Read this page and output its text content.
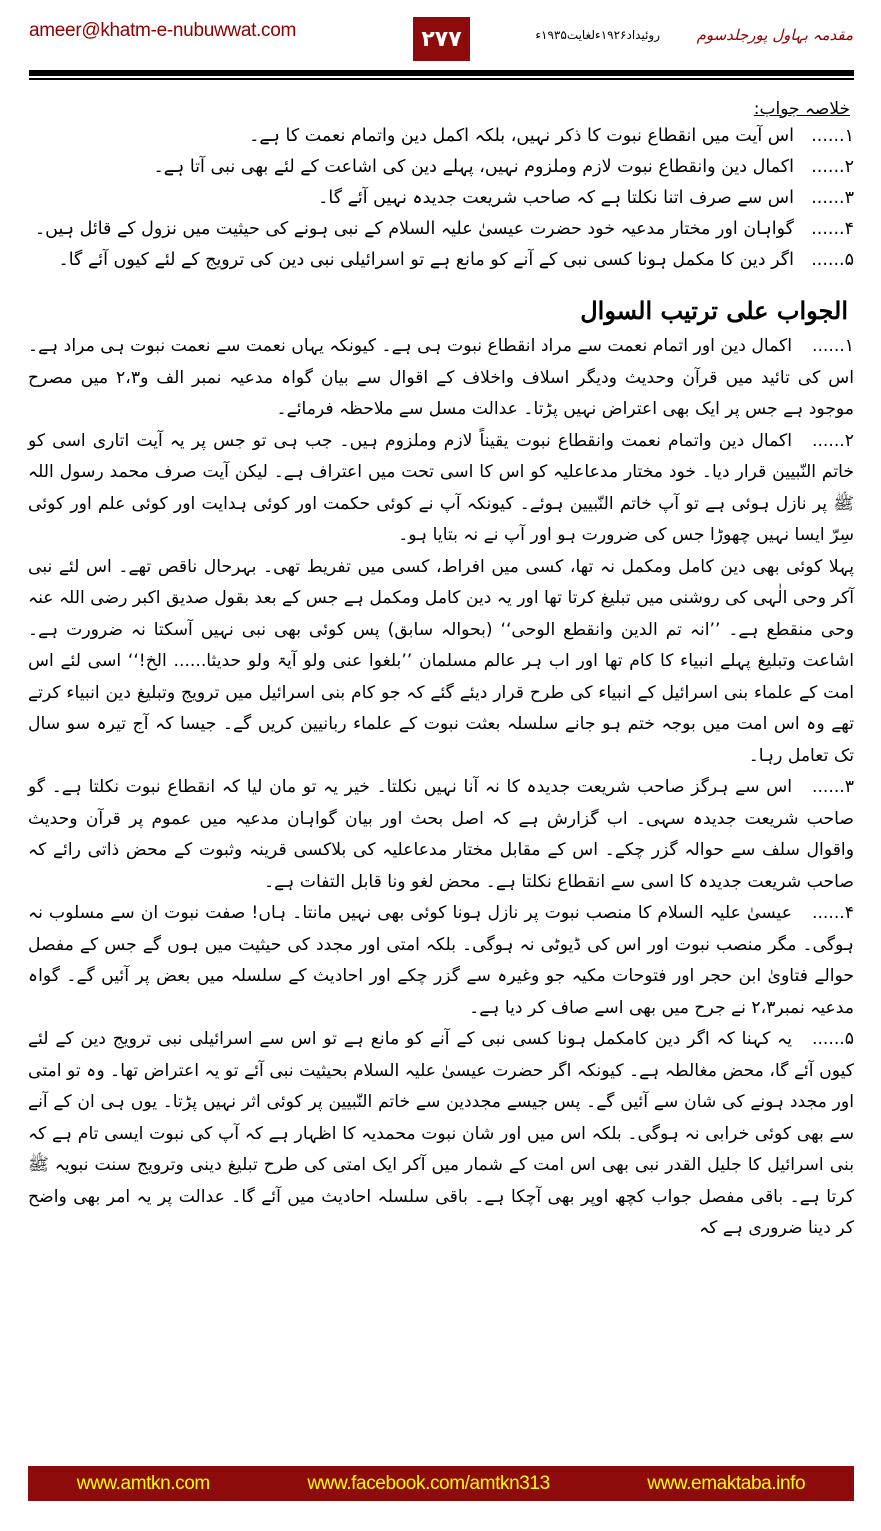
ameer@khatm-e-nubuwwat.com	۲۷۷	روئیداد۱۹۲۶ءلغایت۱۹۳۵ء مقدمہ بہاول پورجلدسوم
خلاصہ جواب:
۱......
اس آیت میں انقطاع نبوت کا ذکر نہیں، بلکہ اکمل دین واتمام نعمت کا ہے۔
۲......
اکمال دین وانقطاع نبوت لازم وملزوم نہیں، پہلے دین کی اشاعت کے لئے بھی نبی آتا ہے۔
۳......
اس سے صرف اتنا نکلتا ہے کہ صاحب شریعت جدیدہ نہیں آئے گا۔
۴......
گواہان اور مختار مدعیہ خود حضرت عیسیٰ علیہ السلام کے نبی ہونے کی حیثیت میں نزول کے قائل ہیں۔
۵......
اگر دین کا مکمل ہونا کسی نبی کے آنے کو مانع ہے تو اسرائیلی نبی دین کی ترویج کے لئے کیوں آئے گا۔
الجواب علی ترتیب السوال

۱......اکمال دین اور اتمام نعمت سے مراد انقطاع نبوت ہی ہے۔ کیونکہ یہاں نعمت سے نعمت نبوت ہی مراد ہے۔ اس کی تائید میں قرآن وحدیث ودیگر اسلاف واخلاف کے اقوال سے بیان گواہ مدعیہ نمبر الف و۲،۳ میں مصرح موجود ہے جس پر ایک بھی اعتراض نہیں پڑتا۔ عدالت مسل سے ملاحظہ فرمائے۔

۲......اکمال دین واتمام نعمت وانقطاع نبوت یقیناً لازم وملزوم ہیں۔ جب ہی تو جس پر یہ آیت اتاری اسی کو خاتم النّبیین قرار دیا۔ خود مختار مدعاعلیہ کو اس کا اسی تحت میں اعتراف ہے۔ لیکن آیت صرف محمد رسول اللہ ﷺ پر نازل ہوئی ہے تو آپ خاتم النّبیین ہوئے۔ کیونکہ آپ نے کوئی حکمت اور کوئی ہدایت اور کوئی علم اور کوئی سِرّ ایسا نہیں چھوڑا جس کی ضرورت ہو اور آپ نے نہ بتایا ہو۔

پہلا کوئی بھی دین کامل ومکمل نہ تھا، کسی میں افراط، کسی میں تفریط تھی۔ بہرحال ناقص تھے۔ اس لئے نبی آکر وحی الٰہی کی روشنی میں تبلیغ کرتا تھا اور یہ دین کامل ومکمل ہے جس کے بعد بقول صدیق اکبر رضی اللہ عنہ وحی منقطع ہے۔ ’’انہ تم الدین وانقطع الوحی‘‘ (بحوالہ سابق) پس کوئی بھی نبی نہیں آسکتا نہ ضرورت ہے۔ اشاعت وتبلیغ پہلے انبیاء کا کام تھا اور اب ہر عالم مسلمان ’’بلغوا عنی ولو آیۃ ولو حدیثا...... الخ!‘‘ اسی لئے اس امت کے علماء بنی اسرائیل کے انبیاء کی طرح قرار دیئے گئے کہ جو کام بنی اسرائیل میں ترویج وتبلیغ دین انبیاء کرتے تھے وہ اس امت میں بوجہ ختم ہو جانے سلسلہ بعثت نبوت کے علماء ربانیین کریں گے۔ جیسا کہ آج تیرہ سو سال تک تعامل رہا۔

۳......اس سے ہرگز صاحب شریعت جدیدہ کا نہ آنا نہیں نکلتا۔ خیر یہ تو مان لیا کہ انقطاع نبوت نکلتا ہے۔ گو صاحب شریعت جدیدہ سہی۔ اب گزارش ہے کہ اصل بحث اور بیان گواہان مدعیہ میں عموم پر قرآن وحدیث واقوال سلف سے حوالہ گزر چکے۔ اس کے مقابل مختار مدعاعلیہ کی بلاکسی قرینہ وثبوت کے محض ذاتی رائے کہ صاحب شریعت جدیدہ کا اسی سے انقطاع نکلتا ہے۔ محض لغو ونا قابل التفات ہے۔

۴......عیسیٰ علیہ السلام کا منصب نبوت پر نازل ہونا کوئی بھی نہیں مانتا۔ ہاں! صفت نبوت ان سے مسلوب نہ ہوگی۔ مگر منصب نبوت اور اس کی ڈیوٹی نہ ہوگی۔ بلکہ امتی اور مجدد کی حیثیت میں ہوں گے جس کے مفصل حوالے فتاویٰ ابن حجر اور فتوحات مکیہ جو وغیرہ سے گزر چکے اور احادیث کے سلسلہ میں بعض پر آئیں گے۔ گواہ مدعیہ نمبر۲،۳ نے جرح میں بھی اسے صاف کر دیا ہے۔

۵......یہ کہنا کہ اگر دین کامکمل ہونا کسی نبی کے آنے کو مانع ہے تو اس سے اسرائیلی نبی ترویج دین کے لئے کیوں آئے گا، محض مغالطہ ہے۔ کیونکہ اگر حضرت عیسیٰ علیہ السلام بحیثیت نبی آئے تو یہ اعتراض تھا۔ وہ تو امتی اور مجدد ہونے کی شان سے آئیں گے۔ پس جیسے مجددین سے خاتم النّبیین پر کوئی اثر نہیں پڑتا۔ یوں ہی ان کے آنے سے بھی کوئی خرابی نہ ہوگی۔ بلکہ اس میں اور شان نبوت محمدیہ کا اظہار ہے کہ آپ کی نبوت ایسی تام ہے کہ بنی اسرائیل کا جلیل القدر نبی بھی اس امت کے شمار میں آکر ایک امتی کی طرح تبلیغ دینی وترویج سنت نبویہ ﷺ کرتا ہے۔ باقی مفصل جواب کچھ اوپر بھی آچکا ہے۔ باقی سلسلہ احادیث میں آئے گا۔ عدالت پر یہ امر بھی واضح کر دینا ضروری ہے کہ

www.amtkn.com	www.facebook.com/amtkn313	www.emaktaba.info
